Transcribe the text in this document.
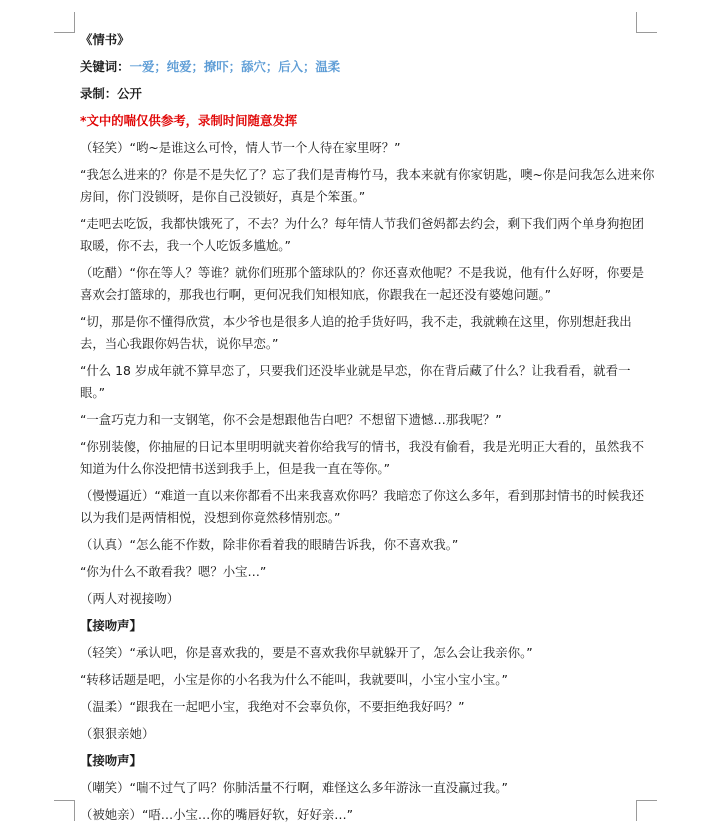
《情书》
关键词：一爱；纯爱；撩吓；舔穴；后入；温柔
录制：公开
*文中的喘仅供参考，录制时间随意发挥
（轻笑）“哟~是谁这么可怜，情人节一个人待在家里呀？”
“我怎么进来的？你是不是失忆了？忘了我们是青梅竹马，我本来就有你家钥匙，噢~你是问我怎么进来你
房间，你门没锁呀，是你自己没锁好，真是个笨蛋。”
“走吧去吃饭，我都快饿死了，不去？为什么？每年情人节我们爸妈都去约会，剩下我们两个单身狗抱团
取暖，你不去，我一个人吃饭多尴尬。”
（吃醋）“你在等人？等谁？就你们班那个篮球队的？你还喜欢他呢？不是我说，他有什么好呀，你要是
喜欢会打篮球的，那我也行啊，更何况我们知根知底，你跟我在一起还没有婆媳问题。”
“切，那是你不懂得欣赏，本少爷也是很多人追的抢手货好吗，我不走，我就赖在这里，你别想赶我出
去，当心我跟你妈告状，说你早恋。”
“什么 18 岁成年就不算早恋了，只要我们还没毕业就是早恋，你在背后藏了什么？让我看看，就看一
眼。”
“一盒巧克力和一支钢笔，你不会是想跟他告白吧？不想留下遗憾…那我呢？”
“你别装傻，你抽屉的日记本里明明就夹着你给我写的情书，我没有偷看，我是光明正大看的，虽然我不
知道为什么你没把情书送到我手上，但是我一直在等你。”
（慢慢逼近）“难道一直以来你都看不出来我喜欢你吗？我暗恋了你这么多年，看到那封情书的时候我还
以为我们是两情相悦，没想到你竟然移情别恋。”
（认真）“怎么能不作数，除非你看着我的眼睛告诉我，你不喜欢我。”
“你为什么不敢看我？嗯？小宝…”
（两人对视接吻）
【接吻声】
（轻笑）“承认吧，你是喜欢我的，要是不喜欢我你早就躲开了，怎么会让我亲你。”
“转移话题是吧，小宝是你的小名我为什么不能叫，我就要叫，小宝小宝小宝。”
（温柔）“跟我在一起吧小宝，我绝对不会辜负你，不要拒绝我好吗？”
（狠狠亲她）
【接吻声】
（嘲笑）“喘不过气了吗？你肺活量不行啊，难怪这么多年游泳一直没赢过我。”
（被她亲）“唔…小宝…你的嘴唇好软，好好亲…”
